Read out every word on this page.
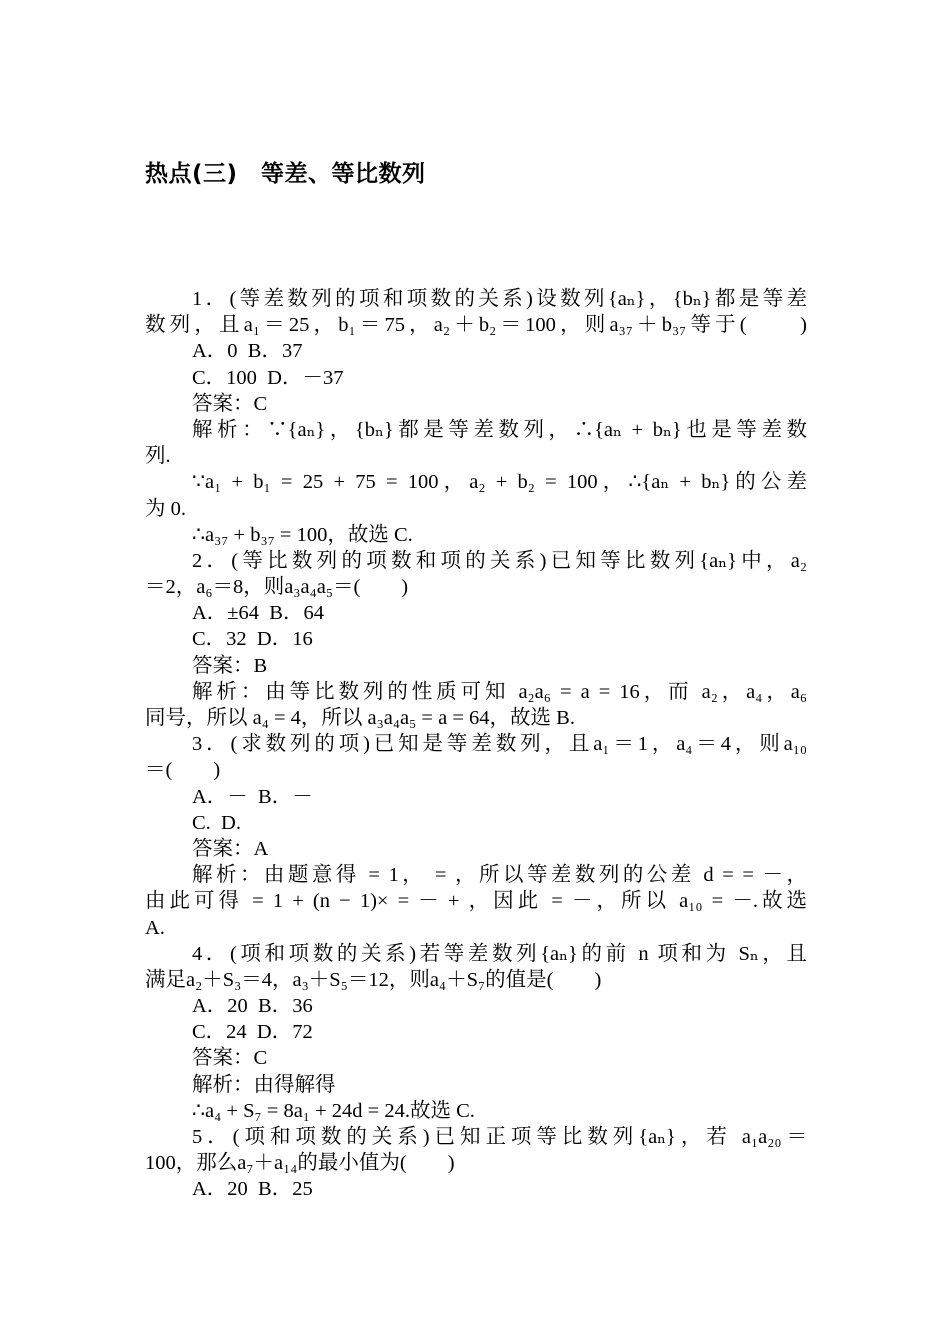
热点(三)　等差、等比数列
1．(等差数列的项和项数的关系)设数列{aₙ}，{bₙ}都是等差
数列，且a₁＝25，b₁＝75，a₂＋b₂＝100，则a₃₇＋b₃₇等于(　　)
A．0  B．37
C．100  D．－37
答案：C
解析：∵{aₙ}，{bₙ}都是等差数列，∴{aₙ + bₙ}也是等差数
列.
∵a₁ + b₁ = 25 + 75 = 100，a₂ + b₂ = 100，∴{aₙ + bₙ}的公差
为 0.
∴a₃₇ + b₃₇ = 100，故选 C.
2．(等比数列的项数和项的关系)已知等比数列{aₙ}中，a₂
＝2，a₆＝8，则a₃a₄a₅＝(　　)
A．±64  B．64
C．32  D．16
答案：B
解析：由等比数列的性质可知 a₂a₆ = a = 16，而 a₂，a₄，a₆
同号，所以 a₄ = 4，所以 a₃a₄a₅ = a = 64，故选 B.
3．(求数列的项)已知是等差数列，且a₁＝1，a₄＝4，则a₁₀
＝(　　)
A．－  B．－
C.  D.
答案：A
解析：由题意得 = 1， = ，所以等差数列的公差 d = = －，
由此可得 = 1 + (n − 1)× = － + ，因此 = －，所以 a₁₀ = －.故选
A.
4．(项和项数的关系)若等差数列{aₙ}的前 n 项和为 Sₙ，且
满足a₂＋S₃＝4，a₃＋S₅＝12，则a₄＋S₇的值是(　　)
A．20  B．36
C．24  D．72
答案：C
解析：由得解得
∴a₄ + S₇ = 8a₁ + 24d = 24.故选 C.
5．(项和项数的关系)已知正项等比数列{aₙ}，若 a₁a₂₀＝
100，那么a₇＋a₁₄的最小值为(　　)
A．20  B．25
